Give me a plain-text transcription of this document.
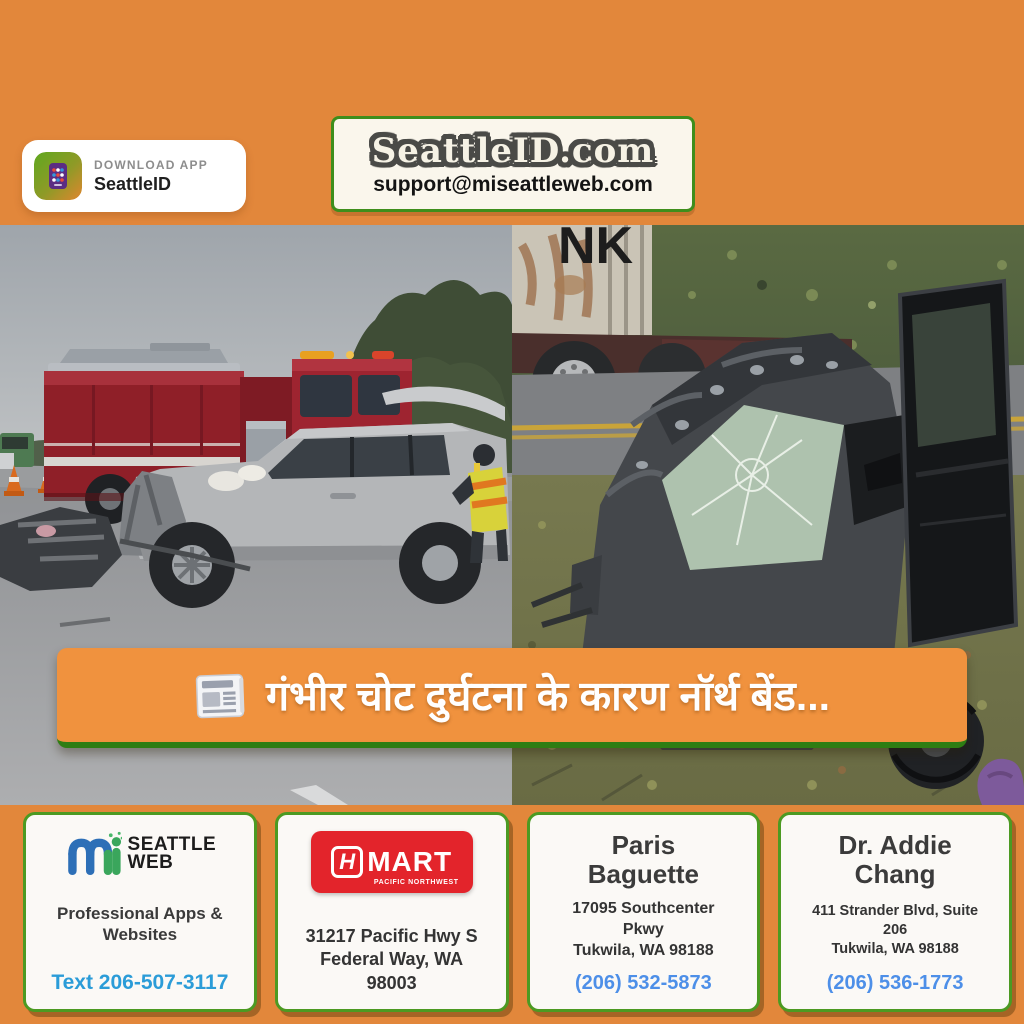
DOWNLOAD APP
SeattleID
SeattleID.com
support@miseattleweb.com
NK
गंभीर चोट दुर्घटना के कारण नॉर्थ बेंड...
SEATTLE
WEB
Professional Apps & Websites
Text 206-507-3117
H MART
PACIFIC NORTHWEST
31217 Pacific Hwy S
Federal Way, WA
98003
Paris Baguette
17095 Southcenter
Pkwy
Tukwila, WA 98188
(206) 532-5873
Dr. Addie Chang
411 Strander Blvd, Suite
206
Tukwila, WA 98188
(206) 536-1773
